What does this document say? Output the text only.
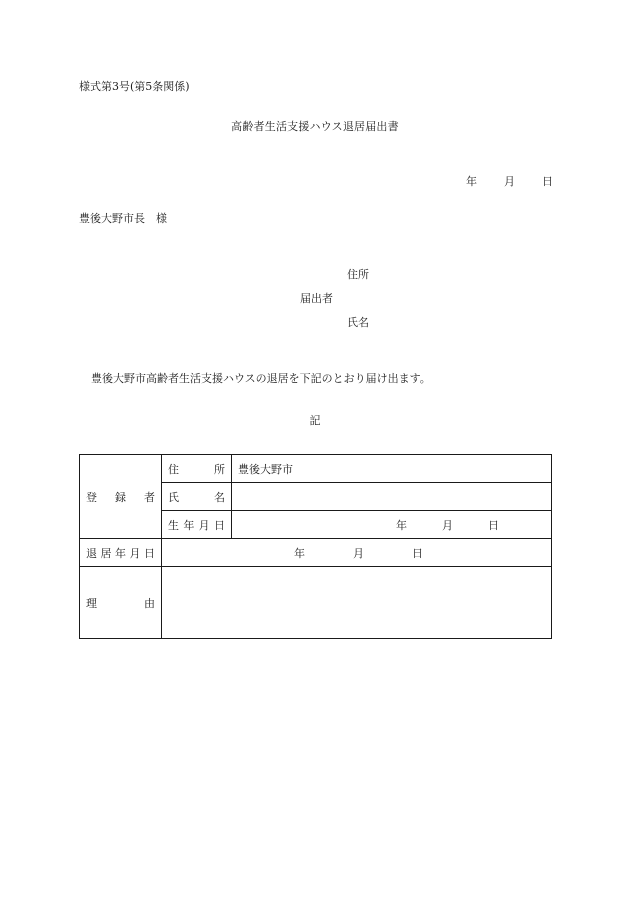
様式第3号(第5条関係)
高齢者生活支援ハウス退居届出書
年 月 日
豊後大野市長　様
住所
届出者
氏名
豊後大野市高齢者生活支援ハウスの退居を下記のとおり届け出ます。
記
登 録 者	住 所	豊後大野市

	氏 名	

	生 年 月 日	年 月 日

退 居 年 月 日	年 月 日	

理 由		
